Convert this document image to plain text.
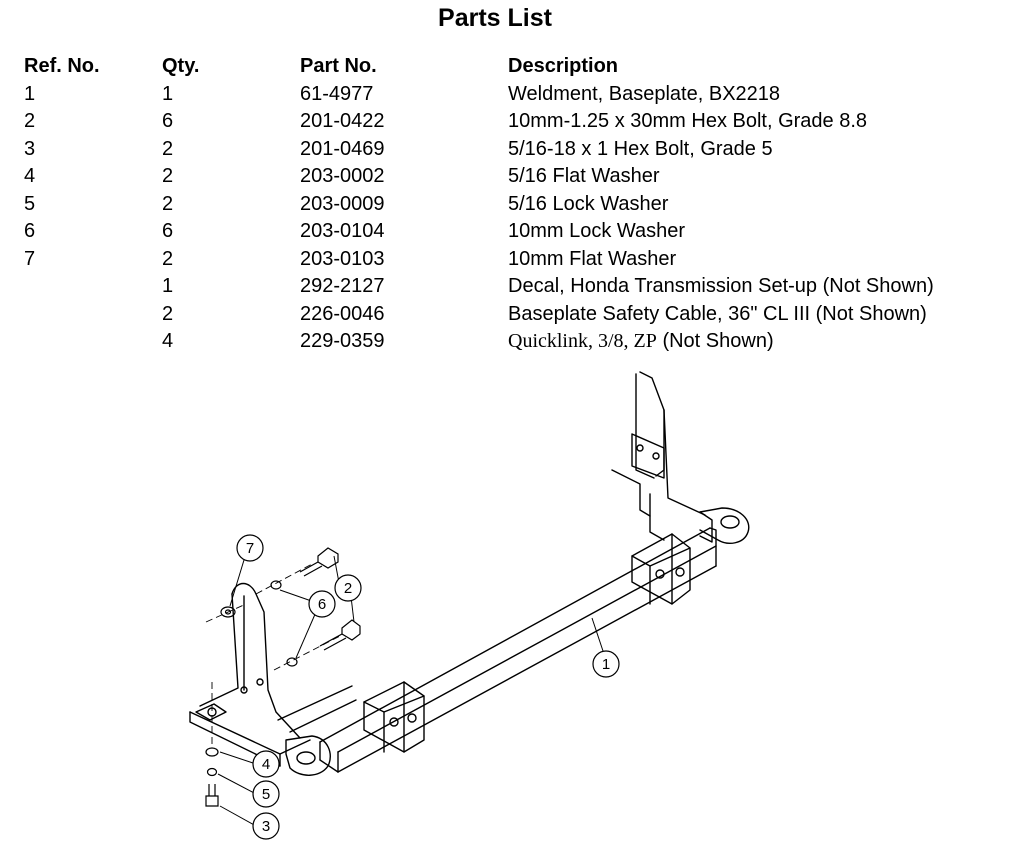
Parts List
Ref. No.	Qty.	Part No.	Description
1	1	61-4977	Weldment, Baseplate, BX2218
2	6	201-0422	10mm-1.25 x 30mm Hex Bolt, Grade 8.8
3	2	201-0469	5/16-18 x 1 Hex Bolt, Grade 5
4	2	203-0002	5/16 Flat Washer
5	2	203-0009	5/16 Lock Washer
6	6	203-0104	10mm Lock Washer
7	2	203-0103	10mm Flat Washer
	1	292-2127	Decal, Honda Transmission Set-up (Not Shown)
	2	226-0046	Baseplate Safety Cable, 36" CL III (Not Shown)
	4	229-0359	Quicklink, 3/8, ZP (Not Shown)
7
2
6
1
4
5
3
